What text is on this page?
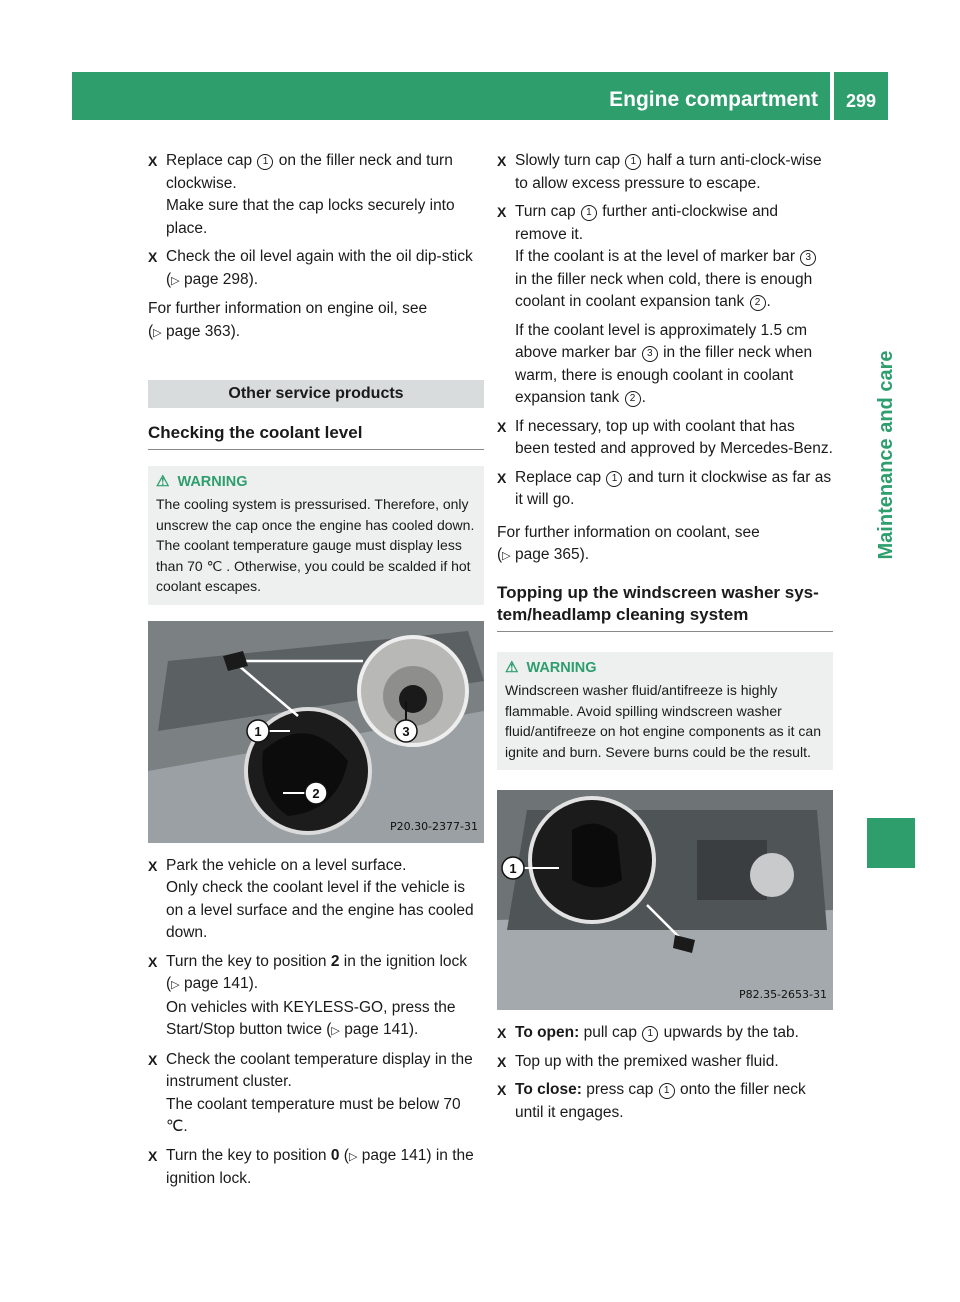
Engine compartment	299
Maintenance and care
X Replace cap 1 on the filler neck and turn clockwise.

Make sure that the cap locks securely into place.

X Check the oil level again with the oil dip-stick (▷ page 298).

For further information on engine oil, see

(▷ page 363).

Other service products
Checking the coolant level
⚠ WARNING
The cooling system is pressurised. Therefore, only unscrew the cap once the engine has cooled down. The coolant temperature gauge must display less than 70 ℃ . Otherwise, you could be scalded if hot coolant escapes.
1
2
3
P20.30-2377-31
X Park the vehicle on a level surface.

Only check the coolant level if the vehicle is on a level surface and the engine has cooled down.

X Turn the key to position 2 in the ignition lock (▷ page 141).

On vehicles with KEYLESS-GO, press the Start/Stop button twice (▷ page 141).

X Check the coolant temperature display in the instrument cluster.

The coolant temperature must be below 70 ℃.

X Turn the key to position 0 (▷ page 141) in the ignition lock.

X Slowly turn cap 1 half a turn anti-clock-wise to allow excess pressure to escape.

X Turn cap 1 further anti-clockwise and remove it.

If the coolant is at the level of marker bar 3 in the filler neck when cold, there is enough coolant in coolant expansion tank 2 .

If the coolant level is approximately 1.5 cm above marker bar 3 in the filler neck when warm, there is enough coolant in coolant expansion tank 2 .

X If necessary, top up with coolant that has been tested and approved by Mercedes-Benz.

X Replace cap 1 and turn it clockwise as far as it will go.

For further information on coolant, see

(▷ page 365).

Topping up the windscreen washer sys-tem/headlamp cleaning system
⚠ WARNING
Windscreen washer fluid/antifreeze is highly flammable. Avoid spilling windscreen washer fluid/antifreeze on hot engine components as it can ignite and burn. Severe burns could be the result.
1
P82.35-2653-31
X To open: pull cap 1 upwards by the tab.

X Top up with the premixed washer fluid.

X To close: press cap 1 onto the filler neck until it engages.
